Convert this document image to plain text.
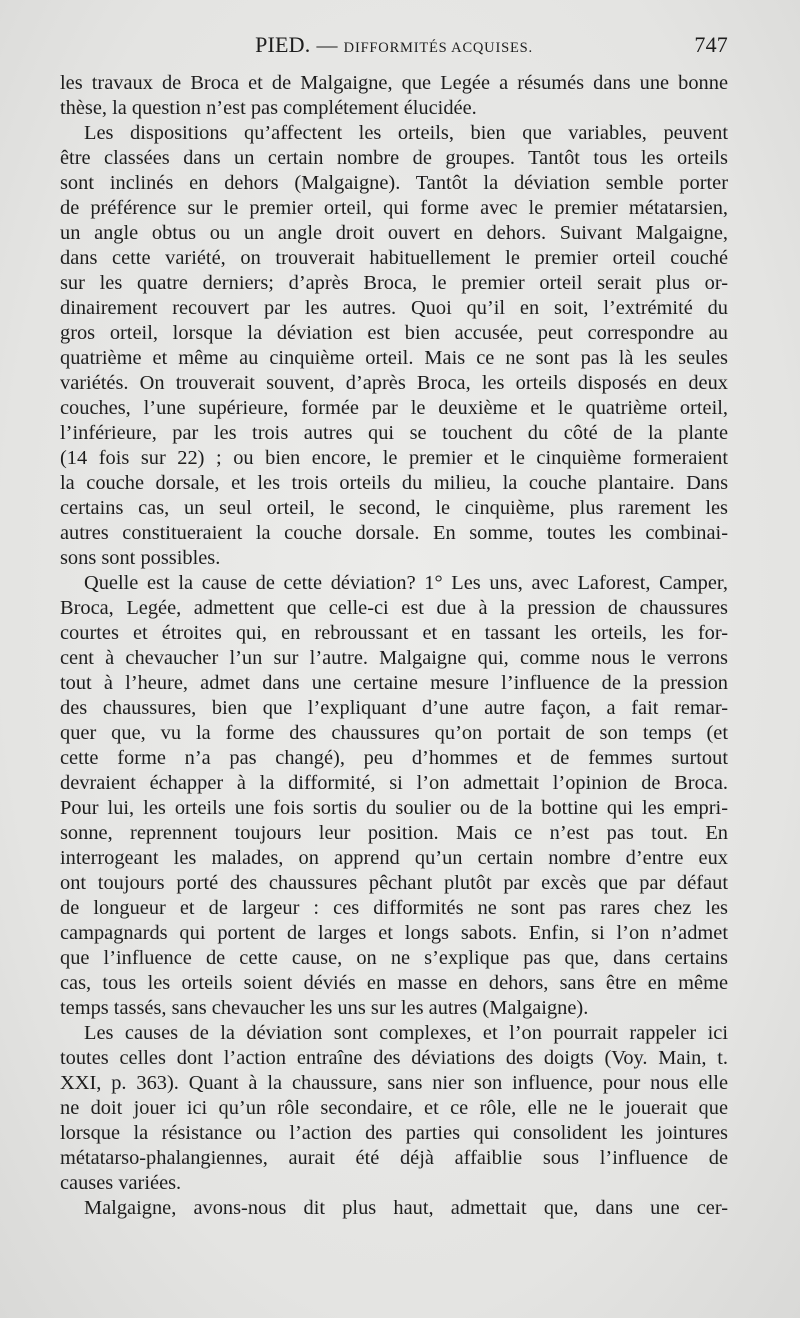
PIED. — DIFFORMITÉS ACQUISES.	747
les travaux de Broca et de Malgaigne, que Legée a résumés dans une bonne
thèse, la question n’est pas complétement élucidée.
Les dispositions qu’affectent les orteils, bien que variables, peuvent
être classées dans un certain nombre de groupes. Tantôt tous les orteils
sont inclinés en dehors (Malgaigne). Tantôt la déviation semble porter
de préférence sur le premier orteil, qui forme avec le premier métatarsien,
un angle obtus ou un angle droit ouvert en dehors. Suivant Malgaigne,
dans cette variété, on trouverait habituellement le premier orteil couché
sur les quatre derniers; d’après Broca, le premier orteil serait plus or-
dinairement recouvert par les autres. Quoi qu’il en soit, l’extrémité du
gros orteil, lorsque la déviation est bien accusée, peut correspondre au
quatrième et même au cinquième orteil. Mais ce ne sont pas là les seules
variétés. On trouverait souvent, d’après Broca, les orteils disposés en deux
couches, l’une supérieure, formée par le deuxième et le quatrième orteil,
l’inférieure, par les trois autres qui se touchent du côté de la plante
(14 fois sur 22) ; ou bien encore, le premier et le cinquième formeraient
la couche dorsale, et les trois orteils du milieu, la couche plantaire. Dans
certains cas, un seul orteil, le second, le cinquième, plus rarement les
autres constitueraient la couche dorsale. En somme, toutes les combinai-
sons sont possibles.
Quelle est la cause de cette déviation? 1° Les uns, avec Laforest, Camper,
Broca, Legée, admettent que celle-ci est due à la pression de chaussures
courtes et étroites qui, en rebroussant et en tassant les orteils, les for-
cent à chevaucher l’un sur l’autre. Malgaigne qui, comme nous le verrons
tout à l’heure, admet dans une certaine mesure l’influence de la pression
des chaussures, bien que l’expliquant d’une autre façon, a fait remar-
quer que, vu la forme des chaussures qu’on portait de son temps (et
cette forme n’a pas changé), peu d’hommes et de femmes surtout
devraient échapper à la difformité, si l’on admettait l’opinion de Broca.
Pour lui, les orteils une fois sortis du soulier ou de la bottine qui les empri-
sonne, reprennent toujours leur position. Mais ce n’est pas tout. En
interrogeant les malades, on apprend qu’un certain nombre d’entre eux
ont toujours porté des chaussures pêchant plutôt par excès que par défaut
de longueur et de largeur : ces difformités ne sont pas rares chez les
campagnards qui portent de larges et longs sabots. Enfin, si l’on n’admet
que l’influence de cette cause, on ne s’explique pas que, dans certains
cas, tous les orteils soient déviés en masse en dehors, sans être en même
temps tassés, sans chevaucher les uns sur les autres (Malgaigne).
Les causes de la déviation sont complexes, et l’on pourrait rappeler ici
toutes celles dont l’action entraîne des déviations des doigts (Voy. Main, t.
XXI, p. 363). Quant à la chaussure, sans nier son influence, pour nous elle
ne doit jouer ici qu’un rôle secondaire, et ce rôle, elle ne le jouerait que
lorsque la résistance ou l’action des parties qui consolident les jointures
métatarso-phalangiennes, aurait été déjà affaiblie sous l’influence de
causes variées.
Malgaigne, avons-nous dit plus haut, admettait que, dans une cer-
